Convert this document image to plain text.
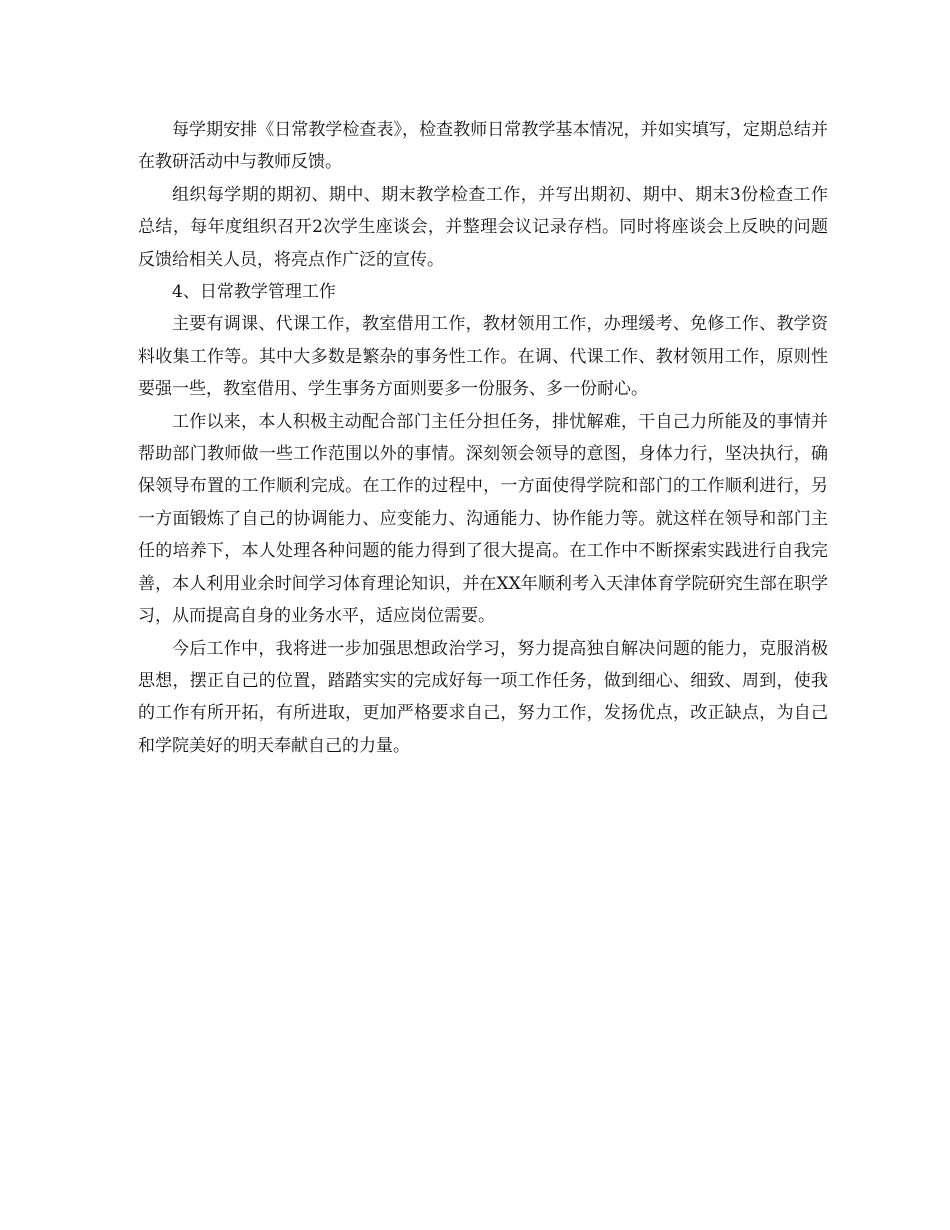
每学期安排《日常教学检查表》，检查教师日常教学基本情况，并如实填写，定期总结并在教研活动中与教师反馈。

组织每学期的期初、期中、期末教学检查工作，并写出期初、期中、期末3份检查工作总结，每年度组织召开2次学生座谈会，并整理会议记录存档。同时将座谈会上反映的问题反馈给相关人员，将亮点作广泛的宣传。

4、日常教学管理工作

主要有调课、代课工作，教室借用工作，教材领用工作，办理缓考、免修工作、教学资料收集工作等。其中大多数是繁杂的事务性工作。在调、代课工作、教材领用工作，原则性要强一些，教室借用、学生事务方面则要多一份服务、多一份耐心。

工作以来，本人积极主动配合部门主任分担任务，排忧解难，干自己力所能及的事情并帮助部门教师做一些工作范围以外的事情。深刻领会领导的意图，身体力行，坚决执行，确保领导布置的工作顺利完成。在工作的过程中，一方面使得学院和部门的工作顺利进行，另一方面锻炼了自己的协调能力、应变能力、沟通能力、协作能力等。就这样在领导和部门主任的培养下，本人处理各种问题的能力得到了很大提高。在工作中不断探索实践进行自我完善，本人利用业余时间学习体育理论知识，并在XX年顺利考入天津体育学院研究生部在职学习，从而提高自身的业务水平，适应岗位需要。

今后工作中，我将进一步加强思想政治学习，努力提高独自解决问题的能力，克服消极思想，摆正自己的位置，踏踏实实的完成好每一项工作任务，做到细心、细致、周到，使我的工作有所开拓，有所进取，更加严格要求自己，努力工作，发扬优点，改正缺点，为自己和学院美好的明天奉献自己的力量。
